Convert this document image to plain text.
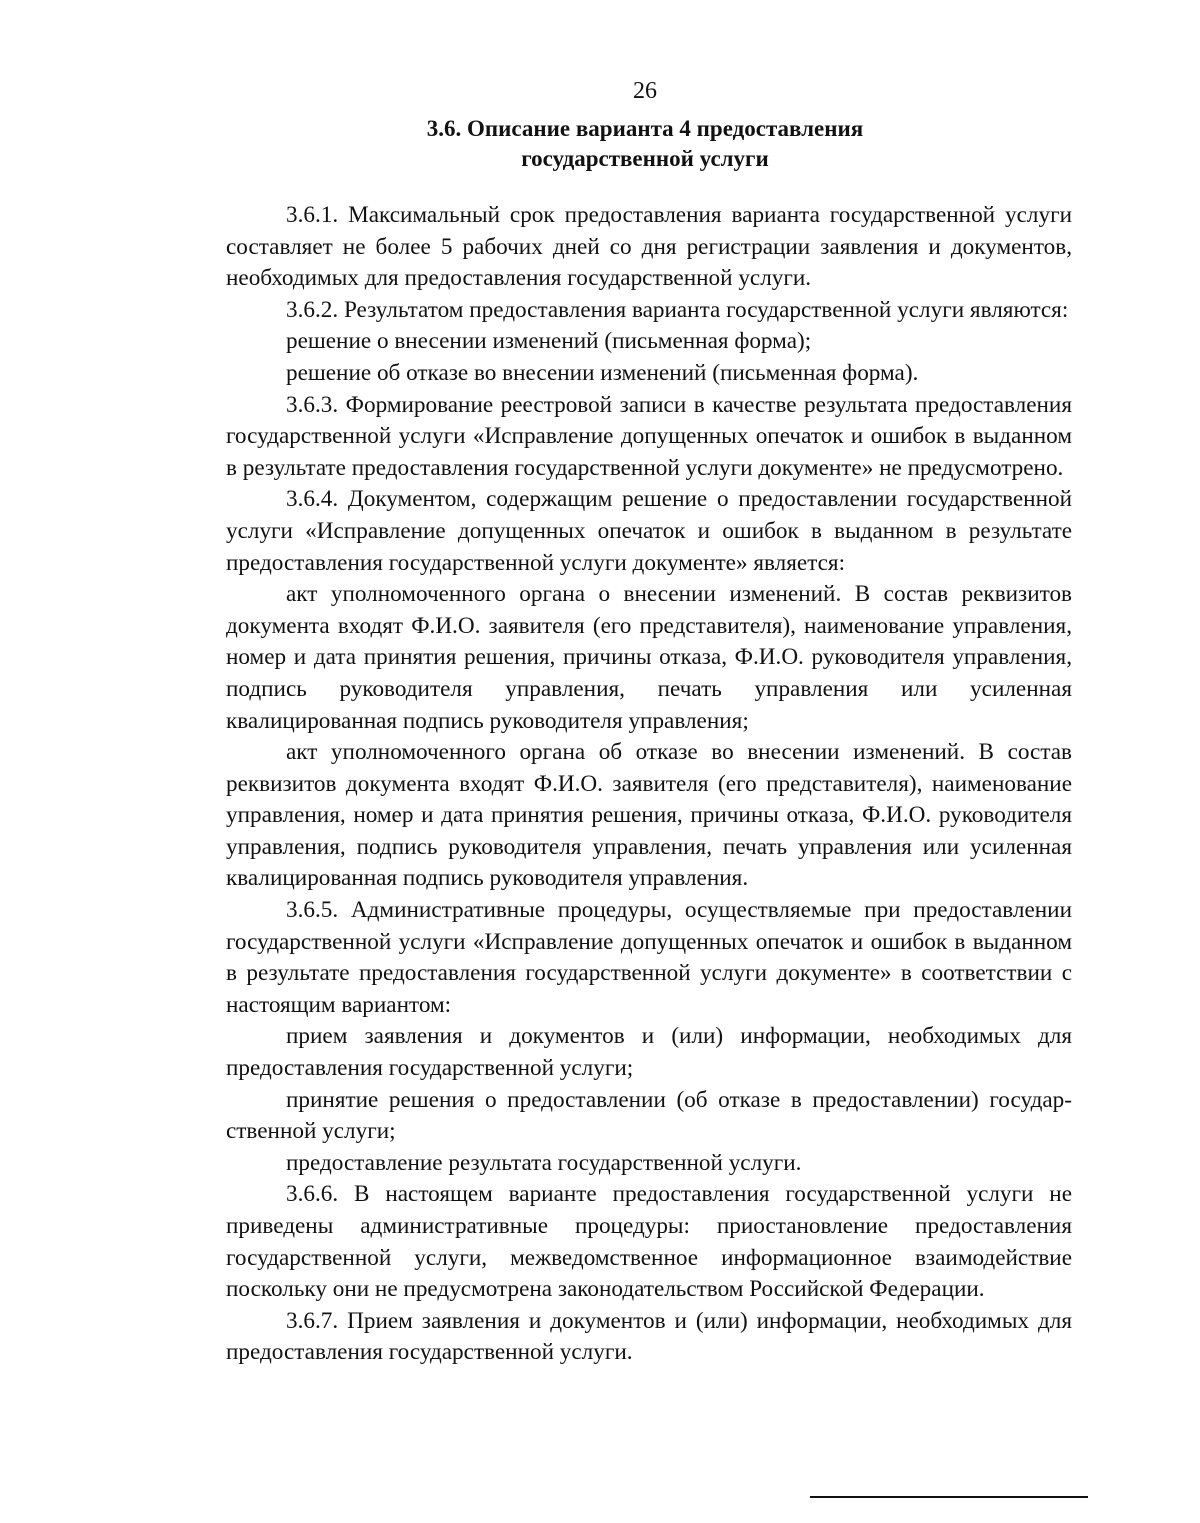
26
3.6. Описание варианта 4 предоставления
государственной услуги

3.6.1. Максимальный срок предоставления варианта государственной услуги составляет не более 5 рабочих дней со дня регистрации заявления и документов, необходимых для предоставления государственной услуги.

3.6.2. Результатом предоставления варианта государственной услуги являются:

решение о внесении изменений (письменная форма);

решение об отказе во внесении изменений (письменная форма).

3.6.3. Формирование реестровой записи в качестве результата предоставления государственной услуги «Исправление допущенных опечаток и ошибок в выданном в результате предоставления государственной услуги документе» не предусмотрено.

3.6.4. Документом, содержащим решение о предоставлении государственной услуги «Исправление допущенных опечаток и ошибок в выданном в результате предоставления государственной услуги документе» является:

акт уполномоченного органа о внесении изменений. В состав реквизитов документа входят Ф.И.О. заявителя (его представителя), наименование управления, номер и дата принятия решения, причины отказа, Ф.И.О. руководителя управления, подпись руководителя управления, печать управления или усиленная квалицированная подпись руководителя управления;

акт уполномоченного органа об отказе во внесении изменений. В состав реквизитов документа входят Ф.И.О. заявителя (его представителя), наименование управления, номер и дата принятия решения, причины отказа, Ф.И.О. руководителя управления, подпись руководителя управления, печать управления или усиленная квалицированная подпись руководителя управления.

3.6.5. Административные процедуры, осуществляемые при предоставлении государственной услуги «Исправление допущенных опечаток и ошибок в выданном в результате предоставления государственной услуги документе» в соответствии с настоящим вариантом:

прием заявления и документов и (или) информации, необходимых для предоставления государственной услуги;

принятие решения о предоставлении (об отказе в предоставлении) государственной услуги;

предоставление результата государственной услуги.

3.6.6. В настоящем варианте предоставления государственной услуги не приведены административные процедуры: приостановление предоставления государственной услуги, межведомственное информационное взаимодействие поскольку они не предусмотрена законодательством Российской Федерации.

3.6.7. Прием заявления и документов и (или) информации, необходимых для предоставления государственной услуги.
